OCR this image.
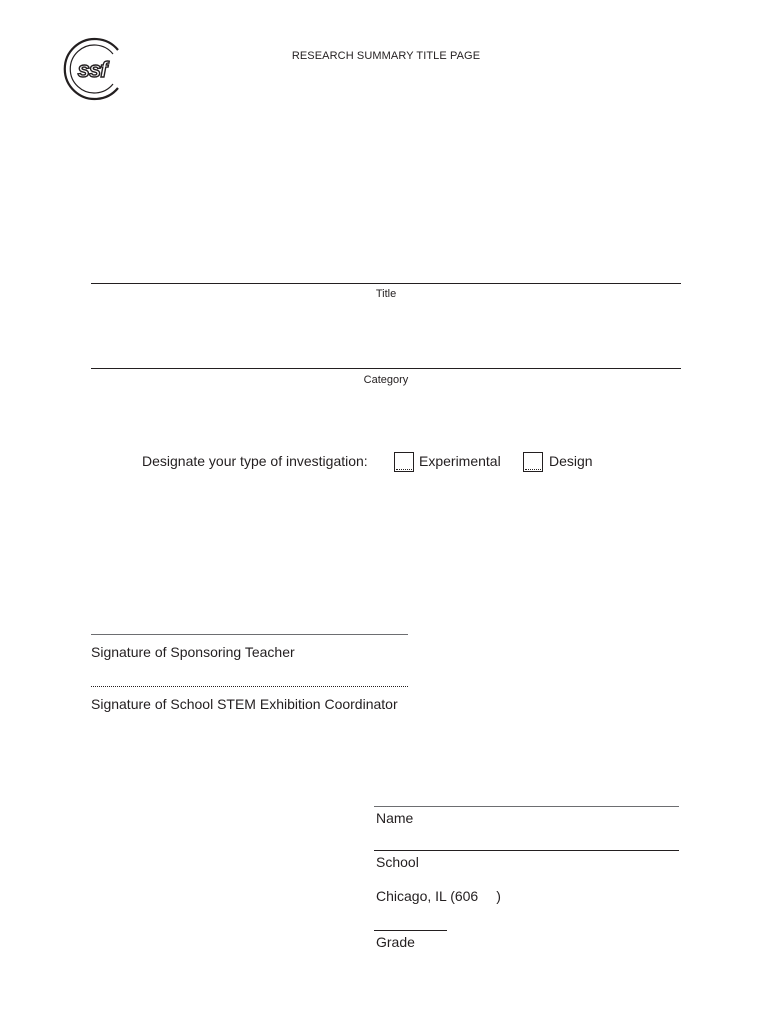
ssf
RESEARCH SUMMARY TITLE PAGE
Title
Category
Designate your type of investigation:	Experimental	Design
Signature of Sponsoring Teacher
Signature of School STEM Exhibition Coordinator
Name
School
Chicago, IL (606 )
Grade
